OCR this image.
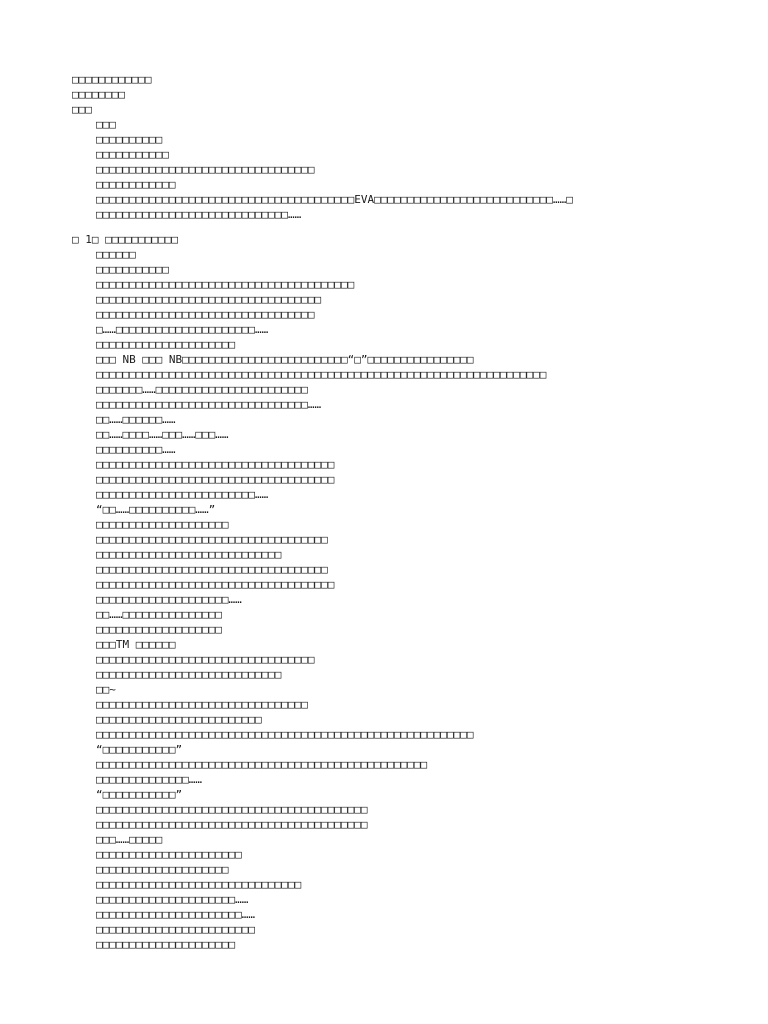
□□□□□□□□□□□□
□□□□□□□□
□□□
□□□
□□□□□□□□□□
□□□□□□□□□□□
□□□□□□□□□□□□□□□□□□□□□□□□□□□□□□□□□
□□□□□□□□□□□□
□□□□□□□□□□□□□□□□□□□□□□□□□□□□□□□□□□□□□□□EVA□□□□□□□□□□□□□□□□□□□□□□□□□□□……□
□□□□□□□□□□□□□□□□□□□□□□□□□□□□□……
□ 1□ □□□□□□□□□□□
□□□□□□
□□□□□□□□□□□
□□□□□□□□□□□□□□□□□□□□□□□□□□□□□□□□□□□□□□□
□□□□□□□□□□□□□□□□□□□□□□□□□□□□□□□□□□
□□□□□□□□□□□□□□□□□□□□□□□□□□□□□□□□□
□……□□□□□□□□□□□□□□□□□□□□□……
□□□□□□□□□□□□□□□□□□□□□
□□□ NB □□□ NB□□□□□□□□□□□□□□□□□□□□□□□□□“□”□□□□□□□□□□□□□□□□
□□□□□□□□□□□□□□□□□□□□□□□□□□□□□□□□□□□□□□□□□□□□□□□□□□□□□□□□□□□□□□□□□□□□
□□□□□□□……□□□□□□□□□□□□□□□□□□□□□□□
□□□□□□□□□□□□□□□□□□□□□□□□□□□□□□□□……
□□……□□□□□□……
□□……□□□□……□□□……□□□……
□□□□□□□□□□……
□□□□□□□□□□□□□□□□□□□□□□□□□□□□□□□□□□□□
□□□□□□□□□□□□□□□□□□□□□□□□□□□□□□□□□□□□
□□□□□□□□□□□□□□□□□□□□□□□□……
“□□……□□□□□□□□□□……”
□□□□□□□□□□□□□□□□□□□□
□□□□□□□□□□□□□□□□□□□□□□□□□□□□□□□□□□□
□□□□□□□□□□□□□□□□□□□□□□□□□□□□
□□□□□□□□□□□□□□□□□□□□□□□□□□□□□□□□□□□
□□□□□□□□□□□□□□□□□□□□□□□□□□□□□□□□□□□□
□□□□□□□□□□□□□□□□□□□□……
□□……□□□□□□□□□□□□□□□
□□□□□□□□□□□□□□□□□□□
□□□TM □□□□□□
□□□□□□□□□□□□□□□□□□□□□□□□□□□□□□□□□
□□□□□□□□□□□□□□□□□□□□□□□□□□□□
□□~
□□□□□□□□□□□□□□□□□□□□□□□□□□□□□□□□
□□□□□□□□□□□□□□□□□□□□□□□□□
□□□□□□□□□□□□□□□□□□□□□□□□□□□□□□□□□□□□□□□□□□□□□□□□□□□□□□□□□
“□□□□□□□□□□□”
□□□□□□□□□□□□□□□□□□□□□□□□□□□□□□□□□□□□□□□□□□□□□□□□□□
□□□□□□□□□□□□□□……
“□□□□□□□□□□□”
□□□□□□□□□□□□□□□□□□□□□□□□□□□□□□□□□□□□□□□□□
□□□□□□□□□□□□□□□□□□□□□□□□□□□□□□□□□□□□□□□□□
□□□……□□□□□
□□□□□□□□□□□□□□□□□□□□□□
□□□□□□□□□□□□□□□□□□□□
□□□□□□□□□□□□□□□□□□□□□□□□□□□□□□□
□□□□□□□□□□□□□□□□□□□□□……
□□□□□□□□□□□□□□□□□□□□□□……
□□□□□□□□□□□□□□□□□□□□□□□□
□□□□□□□□□□□□□□□□□□□□□
